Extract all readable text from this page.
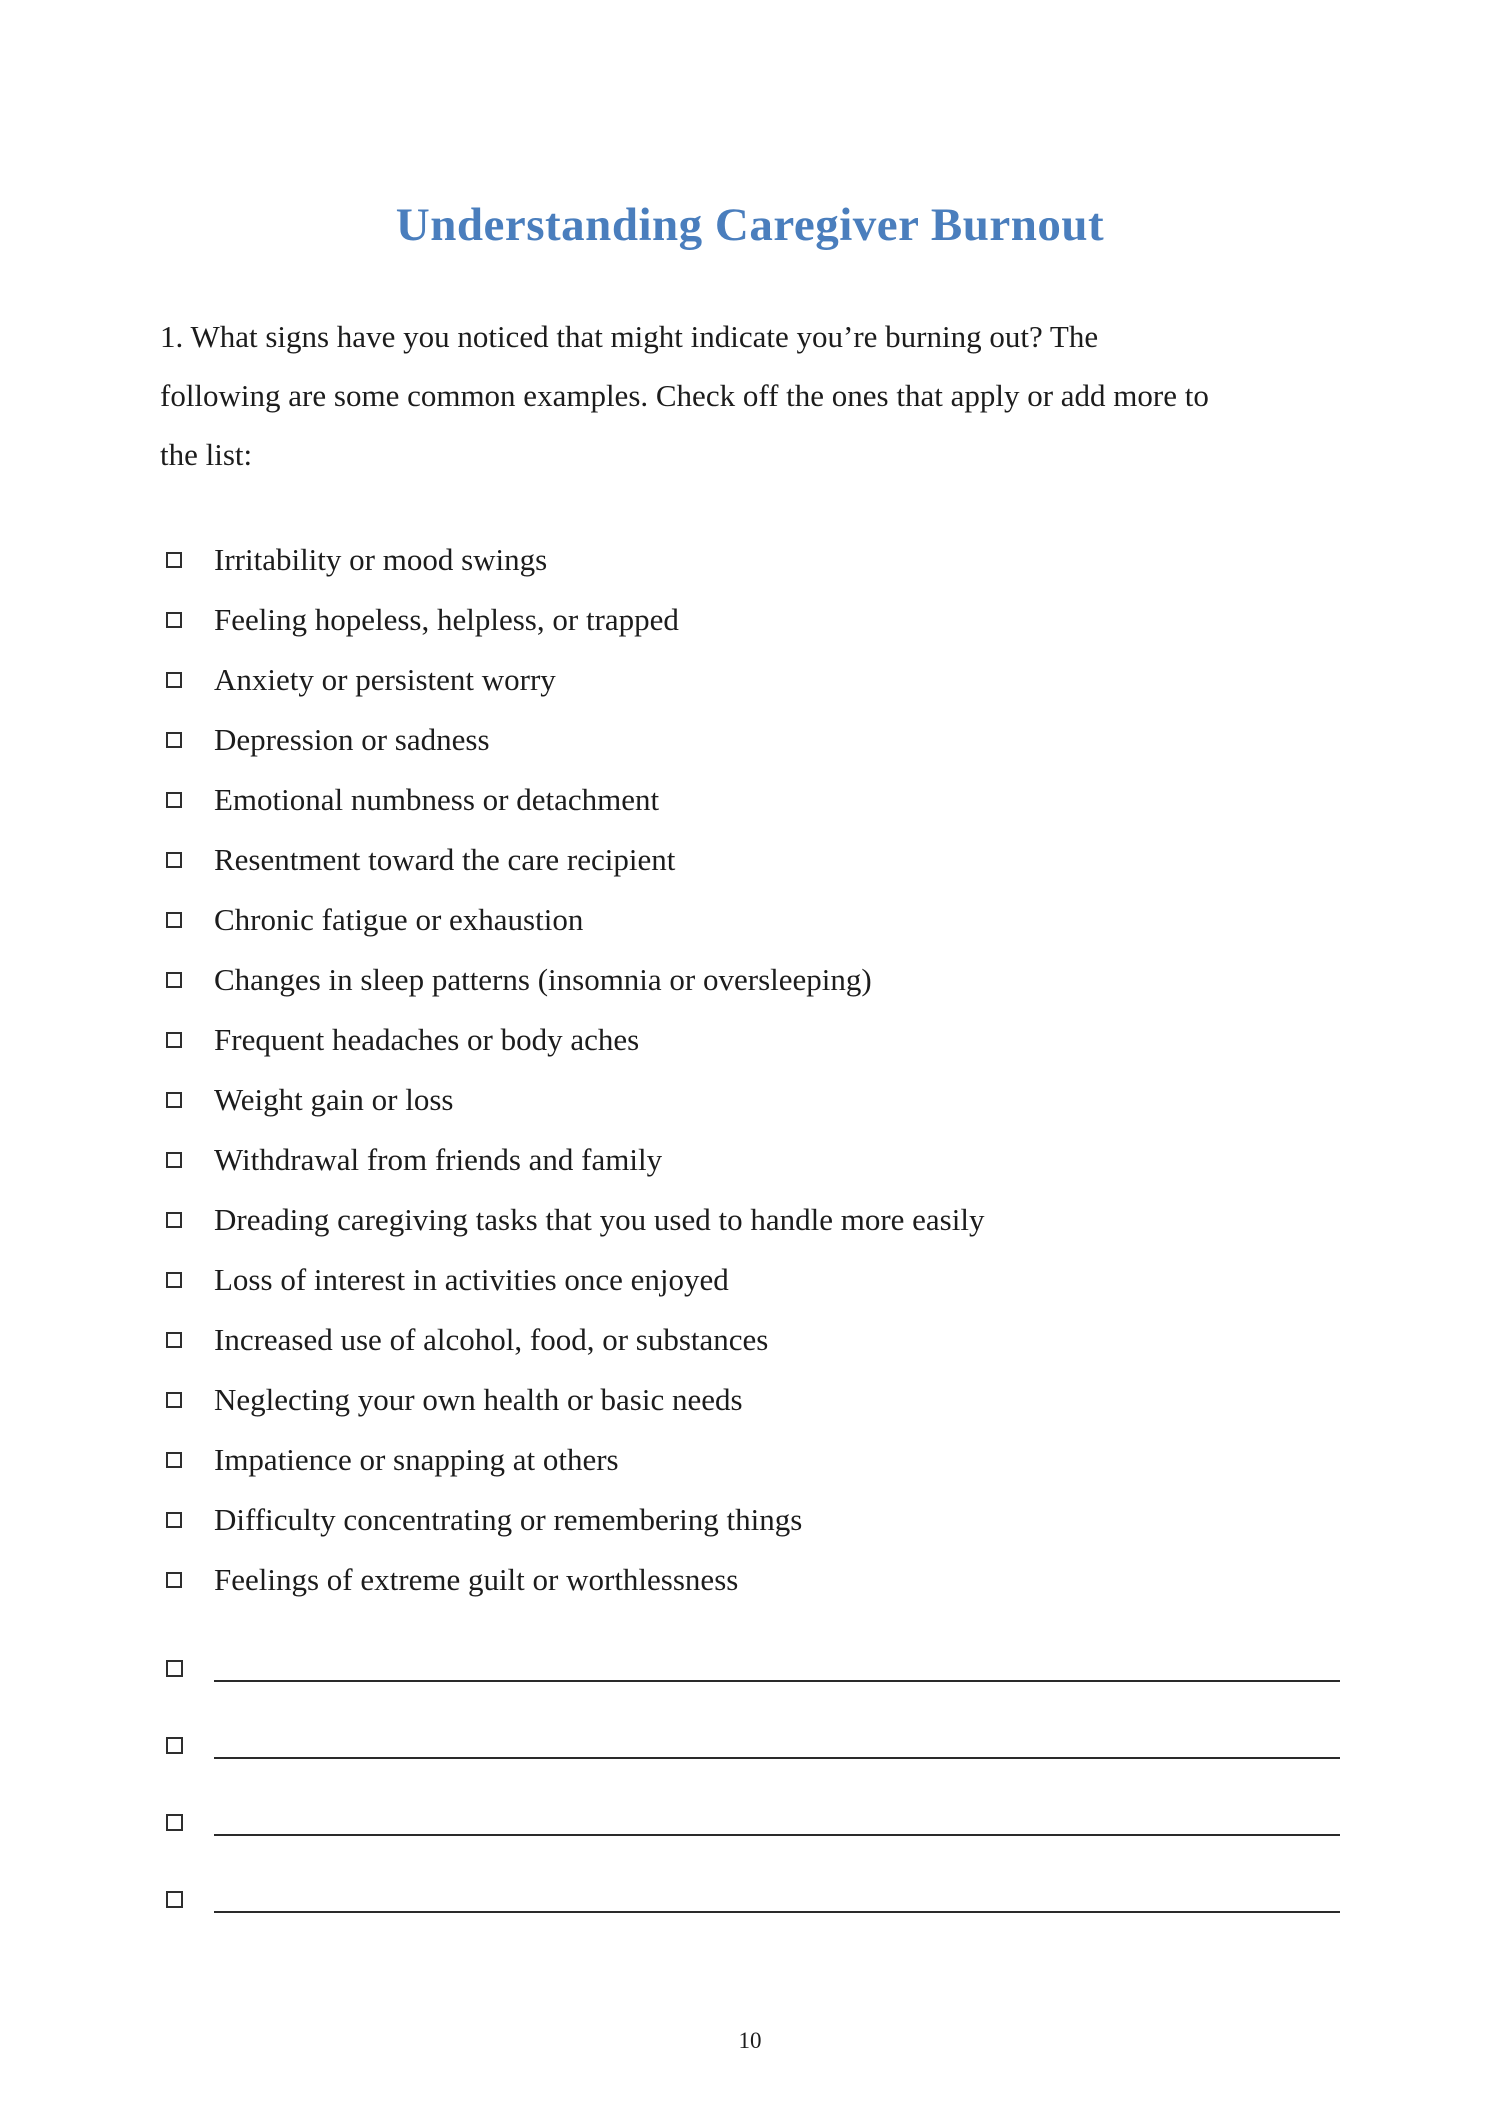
Understanding Caregiver Burnout

1. What signs have you noticed that might indicate you’re burning out? The following are some common examples. Check off the ones that apply or add more to the list:

Irritability or mood swings
Feeling hopeless, helpless, or trapped
Anxiety or persistent worry
Depression or sadness
Emotional numbness or detachment
Resentment toward the care recipient
Chronic fatigue or exhaustion
Changes in sleep patterns (insomnia or oversleeping)
Frequent headaches or body aches
Weight gain or loss
Withdrawal from friends and family
Dreading caregiving tasks that you used to handle more easily
Loss of interest in activities once enjoyed
Increased use of alcohol, food, or substances
Neglecting your own health or basic needs
Impatience or snapping at others
Difficulty concentrating or remembering things
Feelings of extreme guilt or worthlessness
10
